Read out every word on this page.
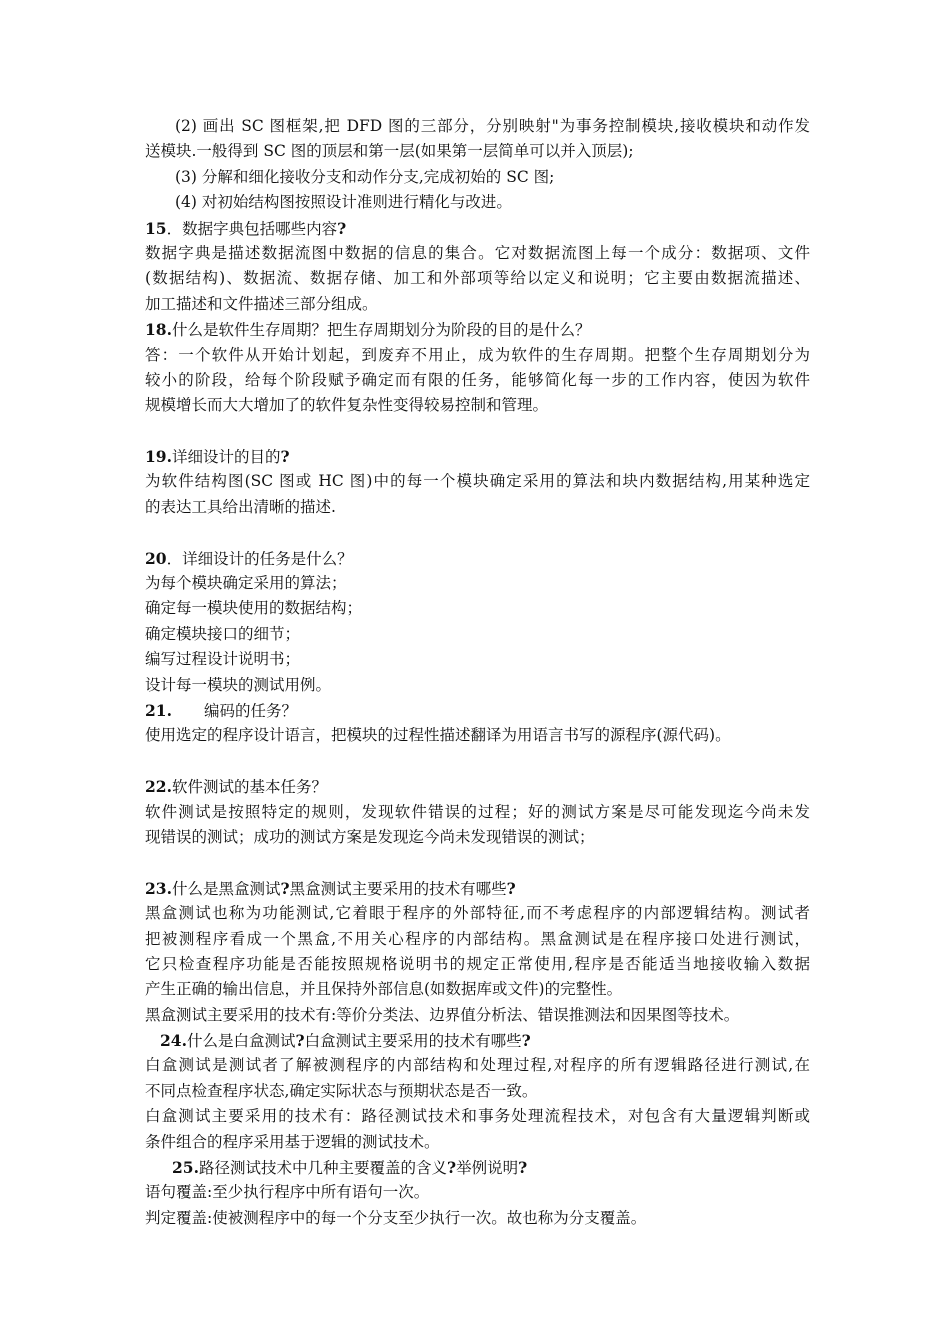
(2) 画出 SC 图框架,把 DFD 图的三部分，分别映射"为事务控制模块,接收模块和动作发
送模块.一般得到 SC 图的顶层和第一层(如果第一层简单可以并入顶层);
(3) 分解和细化接收分支和动作分支,完成初始的 SC 图;
(4) 对初始结构图按照设计准则进行精化与改进。
15．数据字典包括哪些内容?
数据字典是描述数据流图中数据的信息的集合。它对数据流图上每一个成分：数据项、文件
(数据结构)、数据流、数据存储、加工和外部项等给以定义和说明；它主要由数据流描述、
加工描述和文件描述三部分组成。
18.什么是软件生存周期？把生存周期划分为阶段的目的是什么？
答：一个软件从开始计划起，到废弃不用止，成为软件的生存周期。把整个生存周期划分为
较小的阶段，给每个阶段赋予确定而有限的任务，能够简化每一步的工作内容，使因为软件
规模增长而大大增加了的软件复杂性变得较易控制和管理。
19.详细设计的目的?
为软件结构图(SC 图或 HC 图)中的每一个模块确定采用的算法和块内数据结构,用某种选定
的表达工具给出清晰的描述.
20．详细设计的任务是什么？
为每个模块确定采用的算法；
确定每一模块使用的数据结构；
确定模块接口的细节；
编写过程设计说明书；
设计每一模块的测试用例。
21. 编码的任务？
使用选定的程序设计语言，把模块的过程性描述翻译为用语言书写的源程序(源代码)。
22.软件测试的基本任务？
软件测试是按照特定的规则，发现软件错误的过程；好的测试方案是尽可能发现迄今尚未发
现错误的测试；成功的测试方案是发现迄今尚未发现错误的测试；
23.什么是黑盒测试?黑盒测试主要采用的技术有哪些?
黑盒测试也称为功能测试,它着眼于程序的外部特征,而不考虑程序的内部逻辑结构。测试者
把被测程序看成一个黑盒,不用关心程序的内部结构。黑盒测试是在程序接口处进行测试，
它只检查程序功能是否能按照规格说明书的规定正常使用,程序是否能适当地接收输入数据
产生正确的输出信息，并且保持外部信息(如数据库或文件)的完整性。
黑盒测试主要采用的技术有:等价分类法、边界值分析法、错误推测法和因果图等技术。
24.什么是白盒测试?白盒测试主要采用的技术有哪些?
白盒测试是测试者了解被测程序的内部结构和处理过程,对程序的所有逻辑路径进行测试,在
不同点检查程序状态,确定实际状态与预期状态是否一致。
白盒测试主要采用的技术有：路径测试技术和事务处理流程技术，对包含有大量逻辑判断或
条件组合的程序采用基于逻辑的测试技术。
25.路径测试技术中几种主要覆盖的含义?举例说明?
语句覆盖:至少执行程序中所有语句一次。
判定覆盖:使被测程序中的每一个分支至少执行一次。故也称为分支覆盖。
